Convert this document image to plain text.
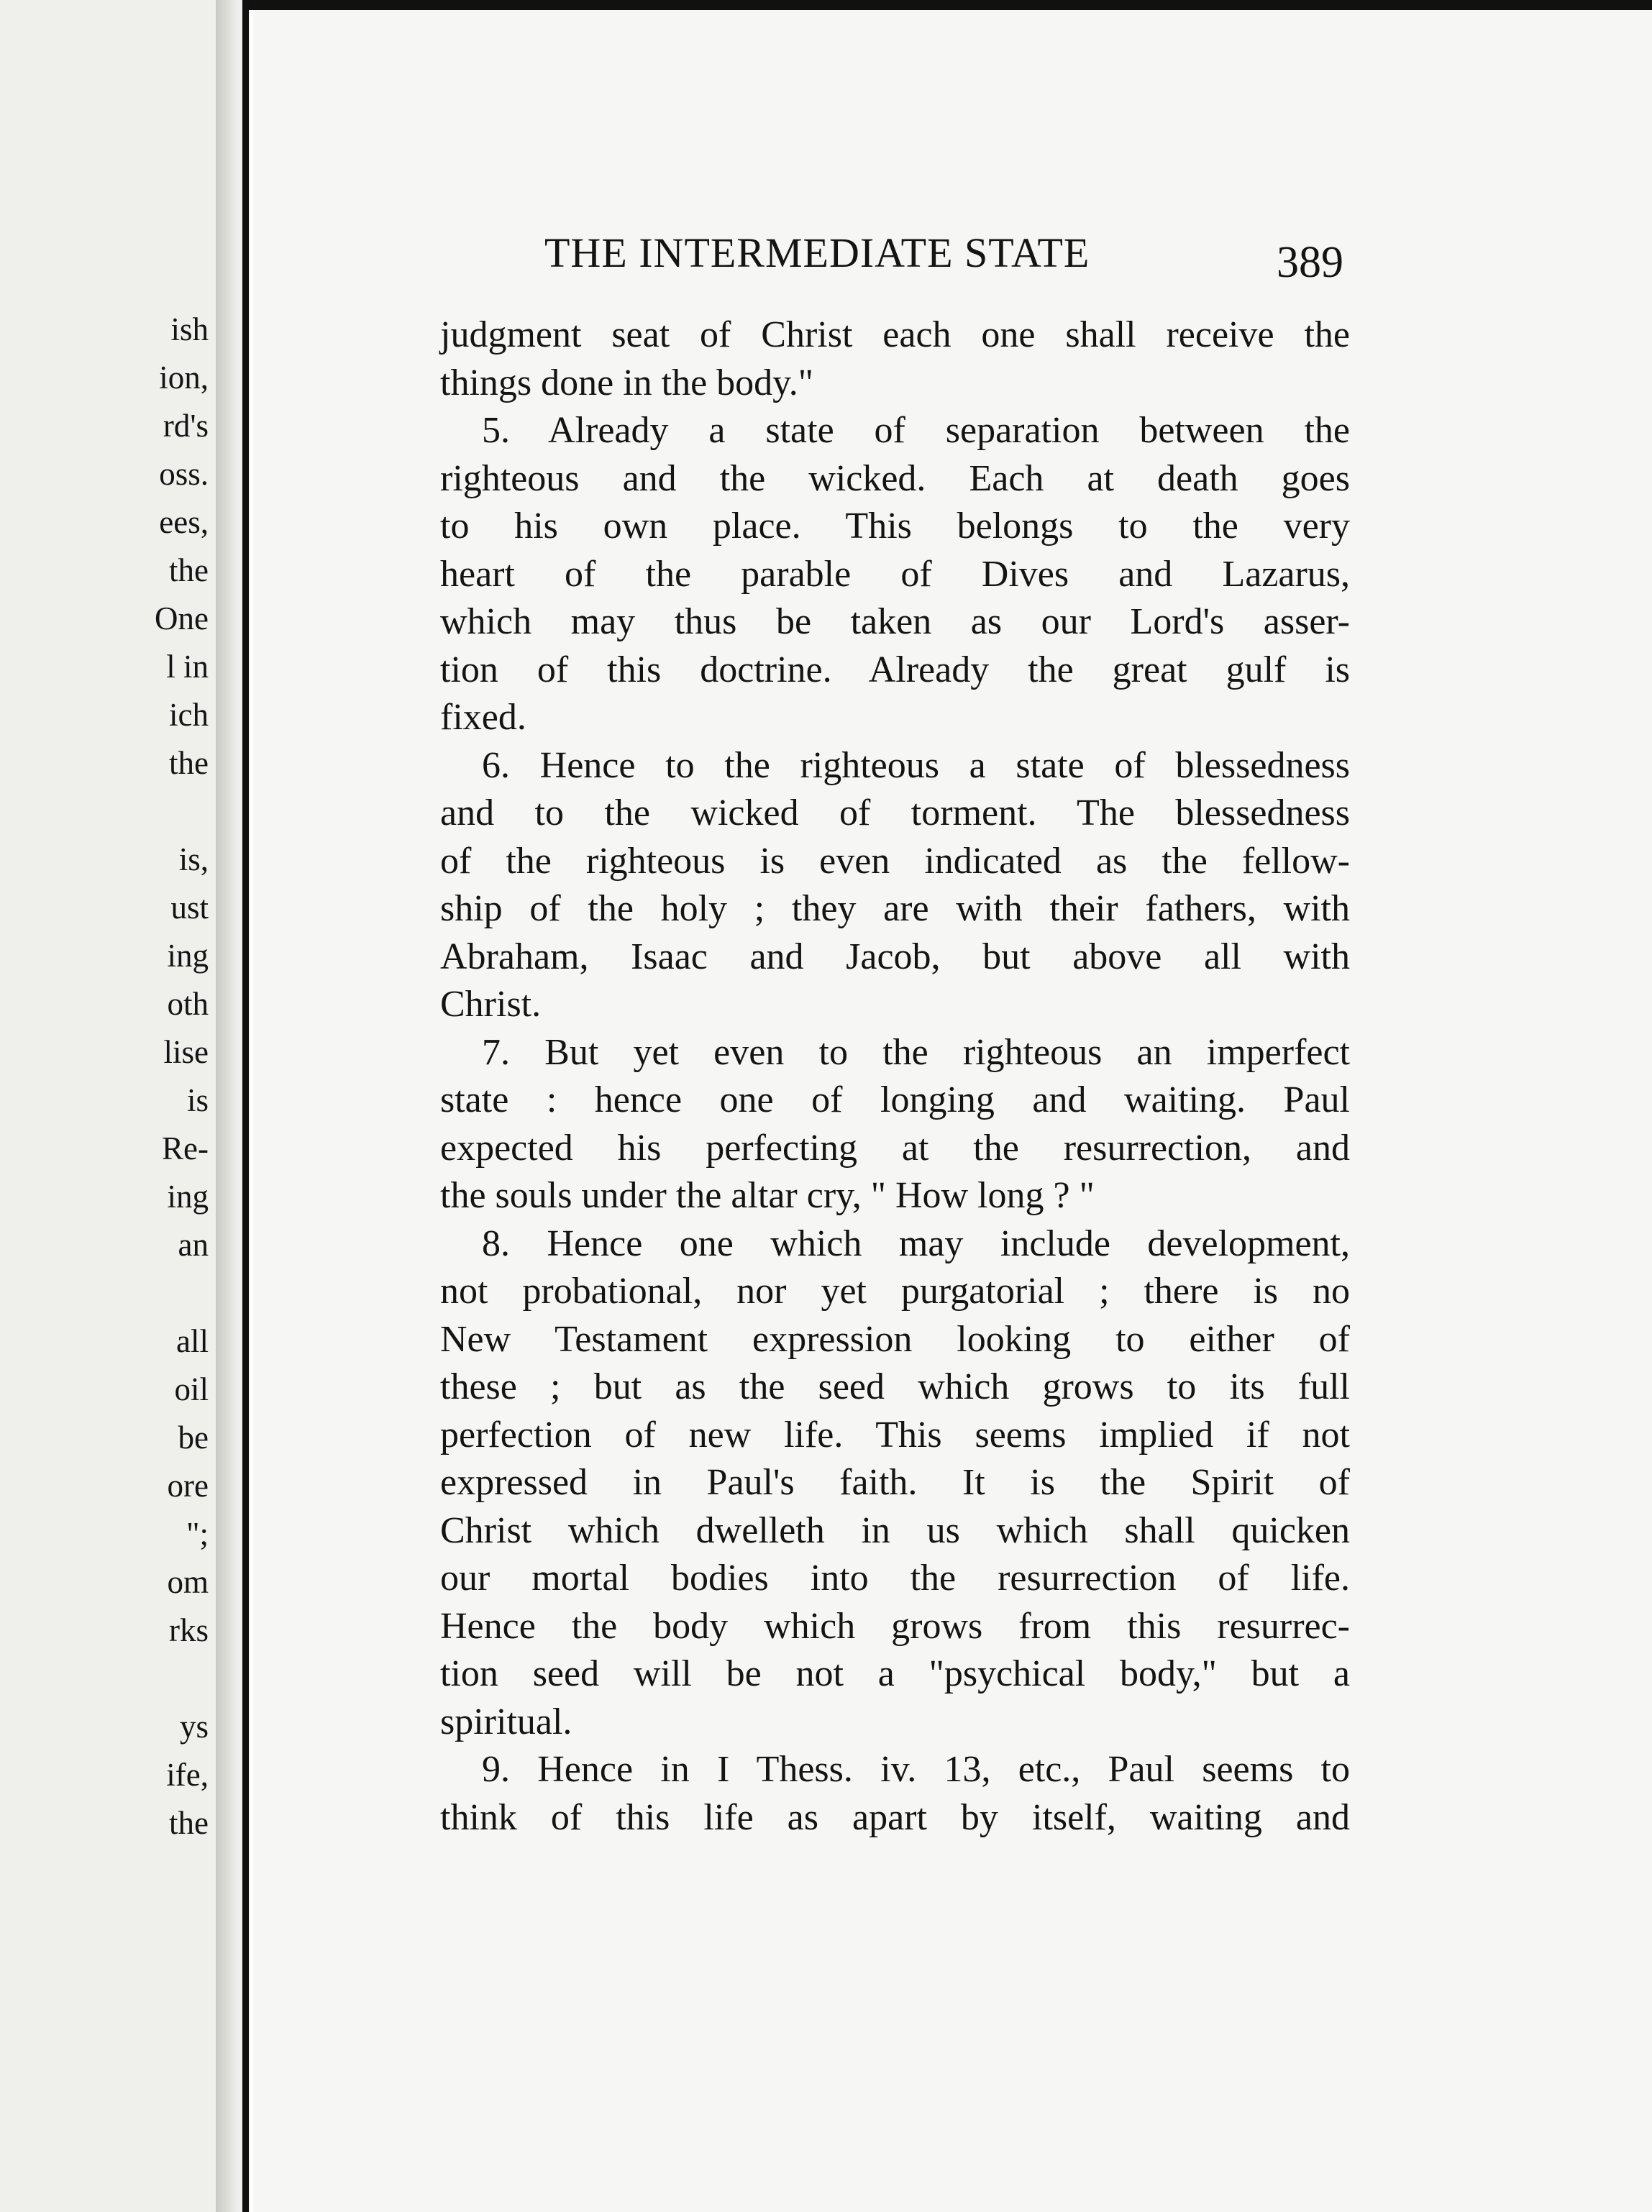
ish
ion,
rd's
oss.
ees,
the
One
l in
ich
the
is,
ust
ing
oth
lise
is
Re-
ing
an
all
oil
be
ore
";
om
rks
ys
ife,
the
THE INTERMEDIATE STATE	389
judgment seat of Christ each one shall receive the
things done in the body."
5. Already a state of separation between the
righteous and the wicked. Each at death goes
to his own place. This belongs to the very
heart of the parable of Dives and Lazarus,
which may thus be taken as our Lord's asser-
tion of this doctrine. Already the great gulf is
fixed.
6. Hence to the righteous a state of blessedness
and to the wicked of torment. The blessedness
of the righteous is even indicated as the fellow-
ship of the holy ; they are with their fathers, with
Abraham, Isaac and Jacob, but above all with
Christ.
7. But yet even to the righteous an imperfect
state : hence one of longing and waiting. Paul
expected his perfecting at the resurrection, and
the souls under the altar cry, " How long ? "
8. Hence one which may include development,
not probational, nor yet purgatorial ; there is no
New Testament expression looking to either of
these ; but as the seed which grows to its full
perfection of new life. This seems implied if not
expressed in Paul's faith. It is the Spirit of
Christ which dwelleth in us which shall quicken
our mortal bodies into the resurrection of life.
Hence the body which grows from this resurrec-
tion seed will be not a "psychical body," but a
spiritual.
9. Hence in I Thess. iv. 13, etc., Paul seems to
think of this life as apart by itself, waiting and
